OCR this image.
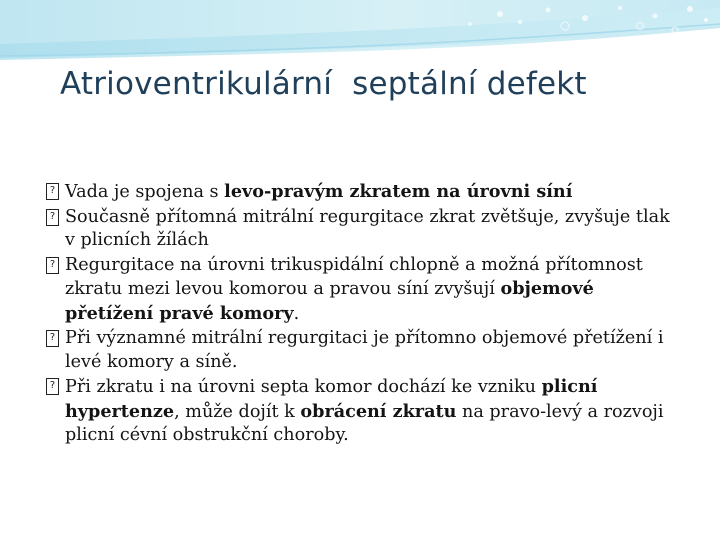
Atrioventrikulární  septální defekt
? Vada je spojena s levo-pravým zkratem na úrovni síní
? Současně přítomná mitrální regurgitace zkrat zvětšuje, zvyšuje tlak v plicních žílách
? Regurgitace na úrovni trikuspidální chlopně a možná přítomnost zkratu mezi levou komorou a pravou síní zvyšují objemové přetížení pravé komory.
? Při významné mitrální regurgitaci je přítomno objemové přetížení i levé komory a síně.
? Při zkratu i na úrovni septa komor dochází ke vzniku plicní hypertenze, může dojít k obrácení zkratu na pravo-levý a rozvoji plicní cévní obstrukční choroby.
